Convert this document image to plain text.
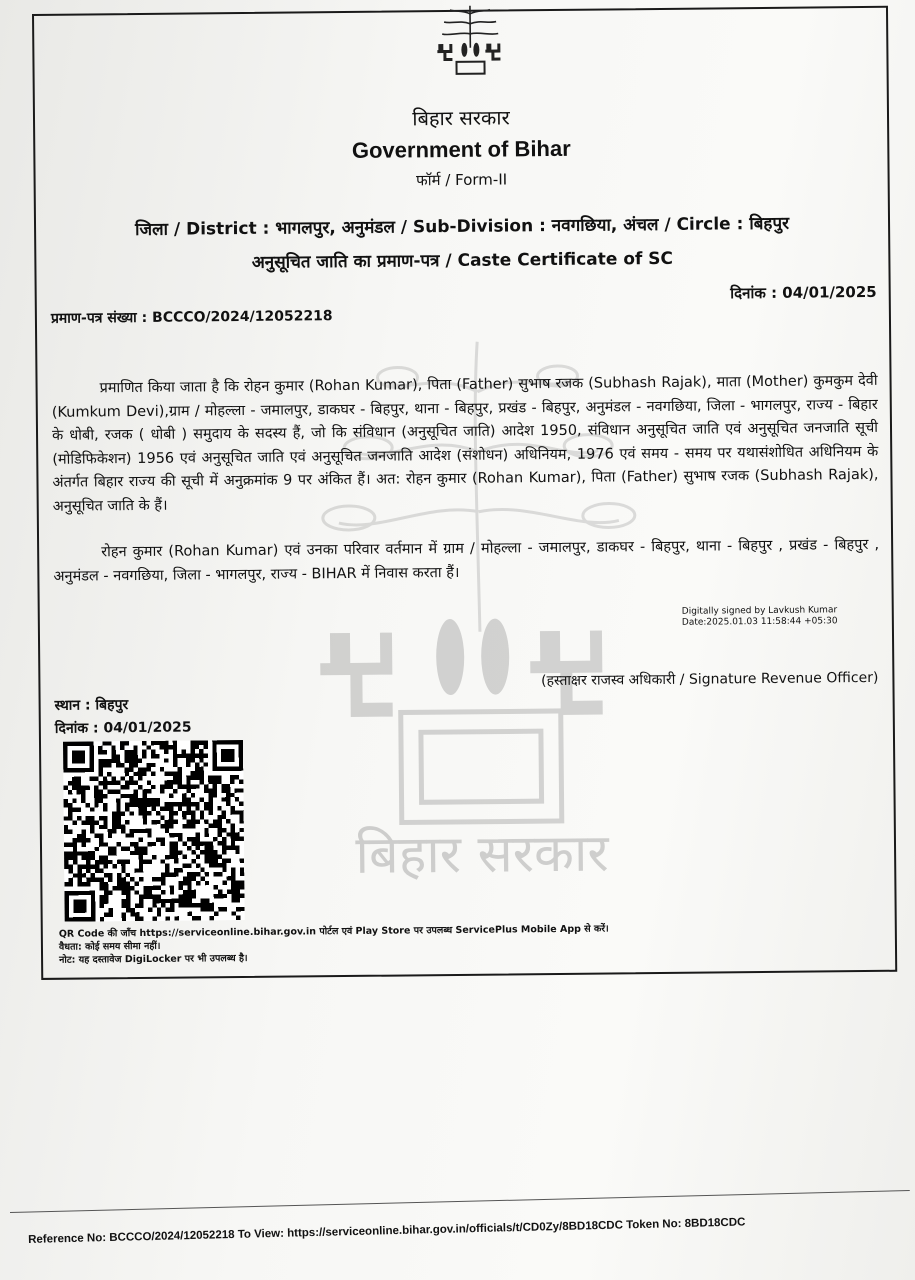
बिहार सरकार
बिहार सरकार
Government of Bihar
फॉर्म / Form-II
जिला / District : भागलपुर, अनुमंडल / Sub-Division : नवगछिया, अंचल / Circle : बिहपुर
अनुसूचित जाति का प्रमाण-पत्र / Caste Certificate of SC
दिनांक : 04/01/2025
प्रमाण-पत्र संख्या : BCCCO/2024/12052218
प्रमाणित किया जाता है कि रोहन कुमार (Rohan Kumar), पिता (Father) सुभाष रजक (Subhash Rajak), माता (Mother) कुमकुम देवी (Kumkum Devi),ग्राम / मोहल्ला - जमालपुर, डाकघर - बिहपुर, थाना - बिहपुर, प्रखंड - बिहपुर, अनुमंडल - नवगछिया, जिला - भागलपुर, राज्य - बिहार के धोबी, रजक ( धोबी ) समुदाय के सदस्य हैं, जो कि संविधान (अनुसूचित जाति) आदेश 1950, संविधान अनुसूचित जाति एवं अनुसूचित जनजाति सूची (मोडिफिकेशन) 1956 एवं अनुसूचित जाति एवं अनुसूचित जनजाति आदेश (संशोधन) अधिनियम, 1976 एवं समय - समय पर यथासंशोधित अधिनियम के अंतर्गत बिहार राज्य की सूची में अनुक्रमांक 9 पर अंकित हैं। अत: रोहन कुमार (Rohan Kumar), पिता (Father) सुभाष रजक (Subhash Rajak), अनुसूचित जाति के हैं।
रोहन कुमार (Rohan Kumar) एवं उनका परिवार वर्तमान में ग्राम / मोहल्ला - जमालपुर, डाकघर - बिहपुर, थाना - बिहपुर , प्रखंड - बिहपुर , अनुमंडल - नवगछिया, जिला - भागलपुर, राज्य - BIHAR में निवास करता हैं।
Digitally signed by Lavkush Kumar
Date:2025.01.03 11:58:44 +05:30
(हस्ताक्षर राजस्व अधिकारी / Signature Revenue Officer)
स्थान : बिहपुर
दिनांक : 04/01/2025
QR Code की जाँच https://serviceonline.bihar.gov.in पोर्टल एवं Play Store पर उपलब्ध ServicePlus Mobile App से करें।
वैधता: कोई समय सीमा नहीं।
नोट: यह दस्तावेज DigiLocker पर भी उपलब्ध है।
Reference No: BCCCO/2024/12052218 To View: https://serviceonline.bihar.gov.in/officials/t/CD0Zy/8BD18CDC Token No: 8BD18CDC
